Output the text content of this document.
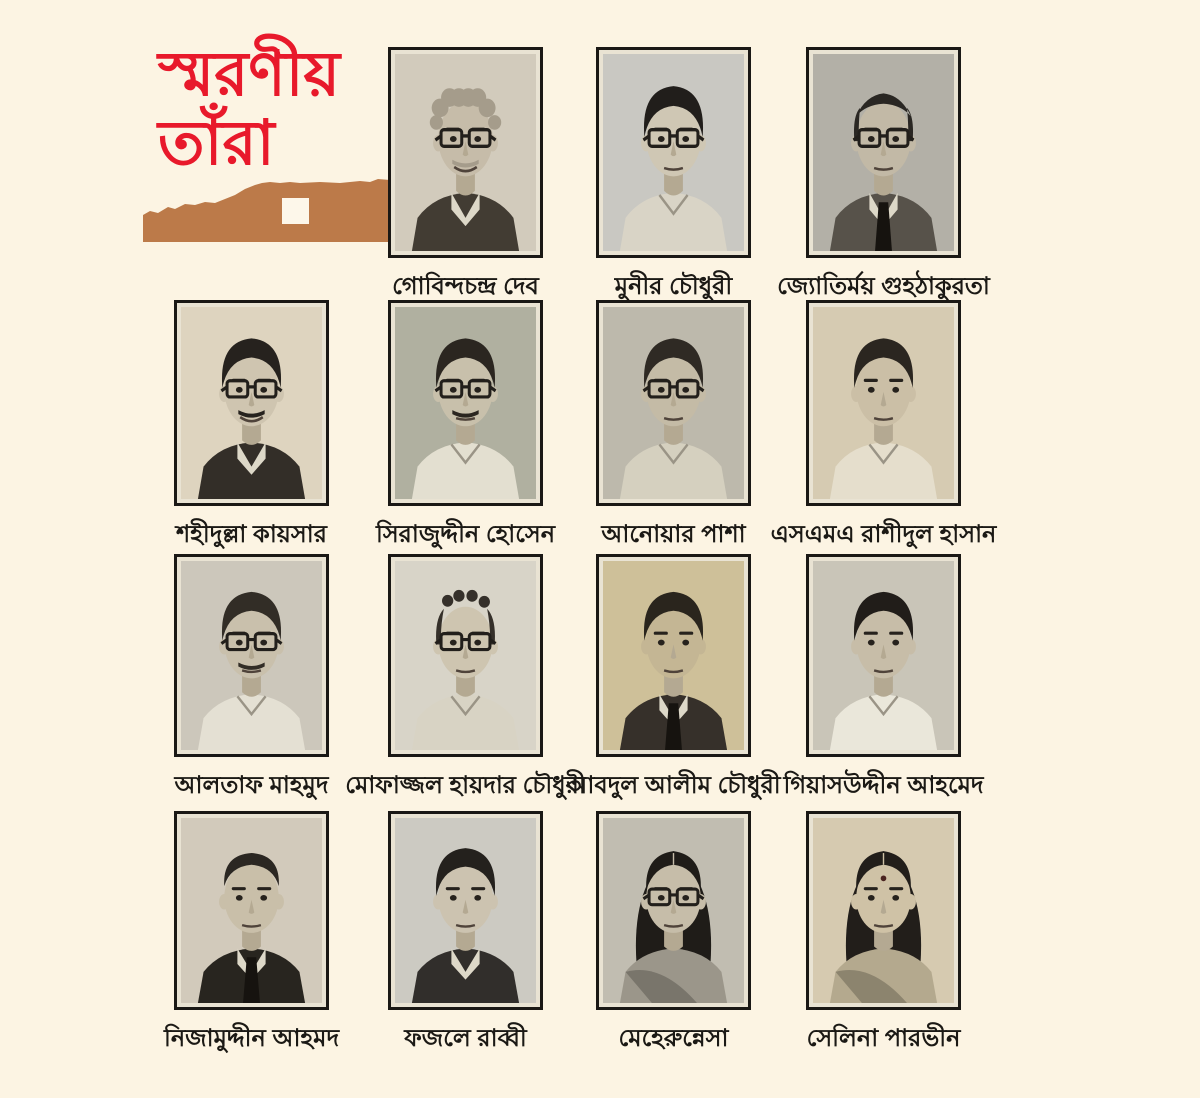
স্মরণীয়
তাঁরা
গোবিন্দচন্দ্র দেব	মুনীর চৌধুরী জ্যোতির্ময় গুহঠাকুরতা
শহীদুল্লা কায়সার সিরাজুদ্দীন হোসেন আনোয়ার পাশা এসএমএ রাশীদুল হাসান
আলতাফ মাহমুদ মোফাজ্জল হায়দার চৌধুরী
আবদুল আলীম চৌধুরী গিয়াসউদ্দীন আহমেদ
নিজামুদ্দীন আহমদ	ফজলে রাব্বী	মেহেরুন্নেসা	সেলিনা পারভীন
